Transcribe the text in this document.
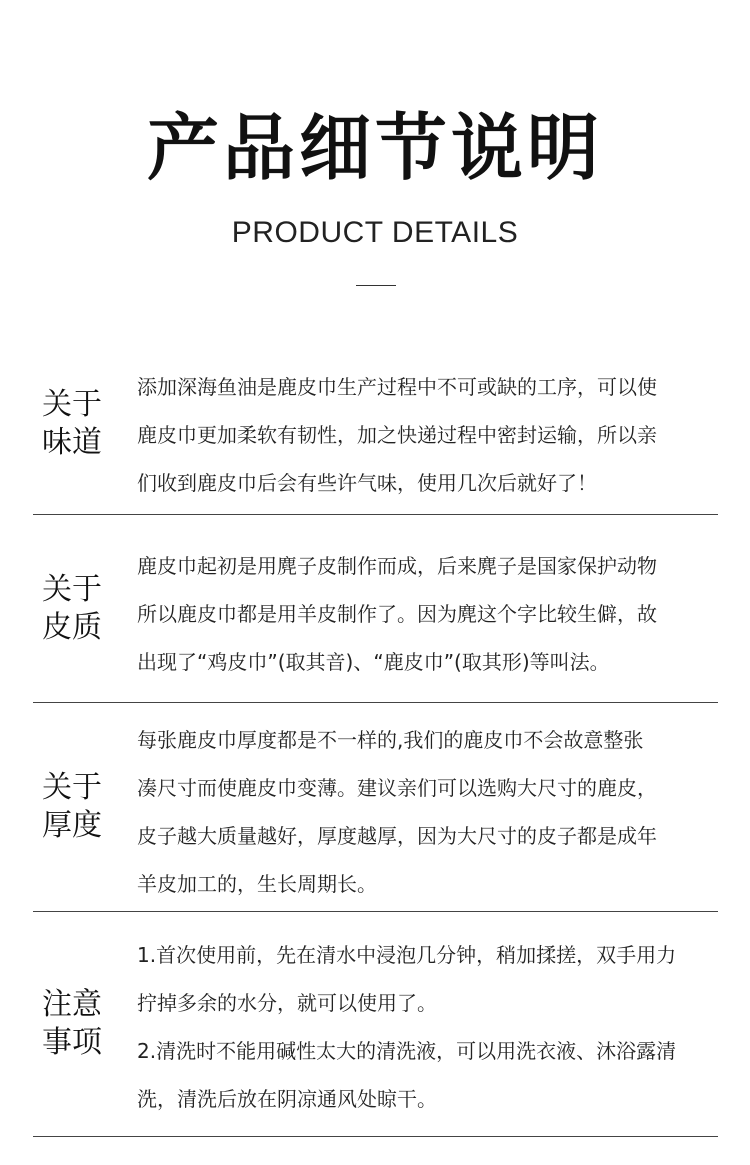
产品细节说明
PRODUCT DETAILS
关于
味道
添加深海鱼油是鹿皮巾生产过程中不可或缺的工序，可以使
鹿皮巾更加柔软有韧性，加之快递过程中密封运输，所以亲
们收到鹿皮巾后会有些许气味，使用几次后就好了！
关于
皮质
鹿皮巾起初是用麂子皮制作而成，后来麂子是国家保护动物
所以鹿皮巾都是用羊皮制作了。因为麂这个字比较生僻，故
出现了“鸡皮巾”(取其音)、“鹿皮巾”(取其形)等叫法。
关于
厚度
每张鹿皮巾厚度都是不一样的,我们的鹿皮巾不会故意整张
凑尺寸而使鹿皮巾变薄。建议亲们可以选购大尺寸的鹿皮，
皮子越大质量越好，厚度越厚，因为大尺寸的皮子都是成年
羊皮加工的，生长周期长。
注意
事项
1.首次使用前，先在清水中浸泡几分钟，稍加揉搓，双手用力
拧掉多余的水分，就可以使用了。
2.清洗时不能用碱性太大的清洗液，可以用洗衣液、沐浴露清
洗，清洗后放在阴凉通风处晾干。
